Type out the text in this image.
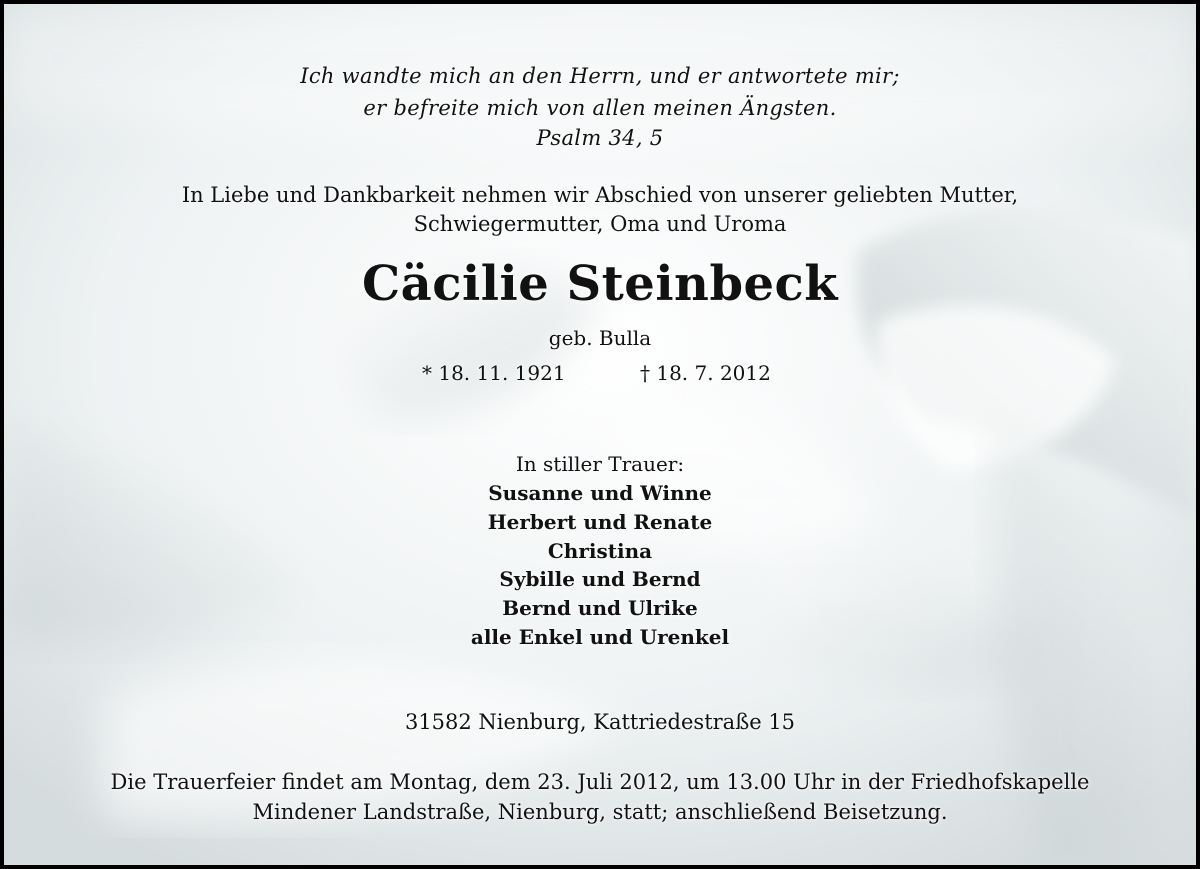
Ich wandte mich an den Herrn, und er antwortete mir;
er befreite mich von allen meinen Ängsten.
Psalm 34, 5
In Liebe und Dankbarkeit nehmen wir Abschied von unserer geliebten Mutter,
Schwiegermutter, Oma und Uroma
Cäcilie Steinbeck
geb. Bulla
* 18. 11. 1921	† 18. 7. 2012
In stiller Trauer:
Susanne und Winne
Herbert und Renate
Christina
Sybille und Bernd
Bernd und Ulrike
alle Enkel und Urenkel
31582 Nienburg, Kattriedestraße 15
Die Trauerfeier findet am Montag, dem 23. Juli 2012, um 13.00 Uhr in der Friedhofskapelle
Mindener Landstraße, Nienburg, statt; anschließend Beisetzung.
